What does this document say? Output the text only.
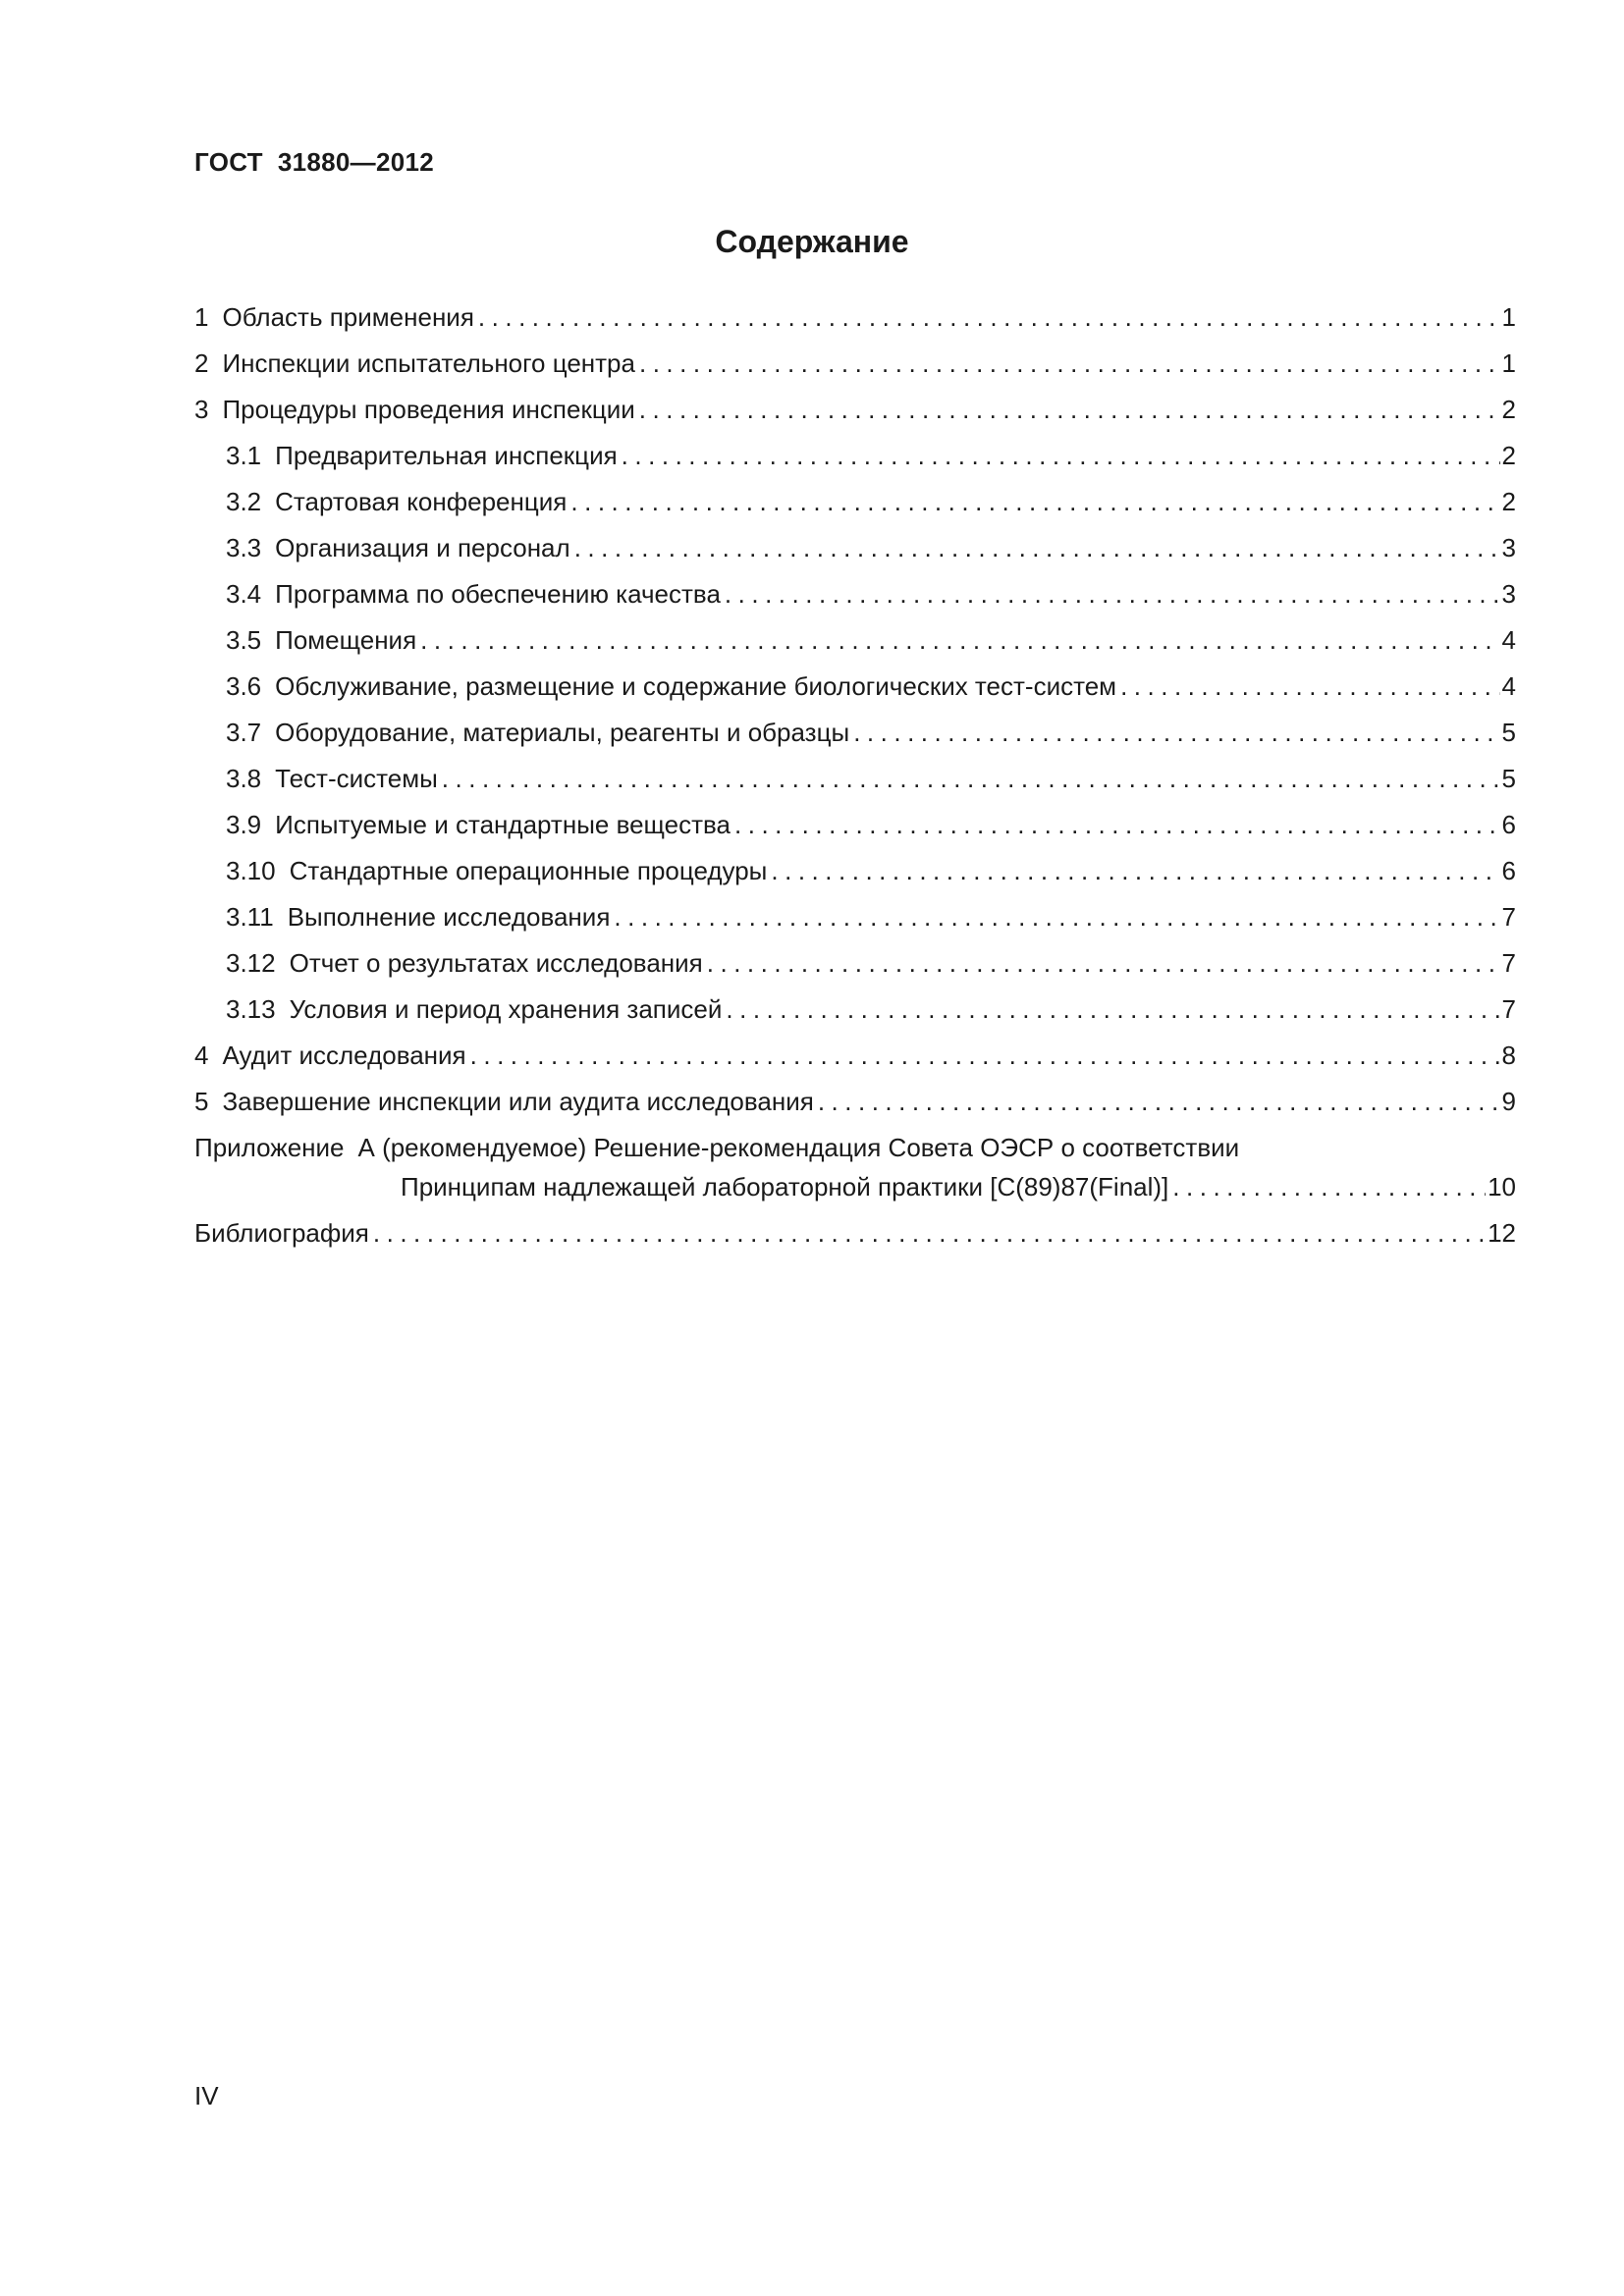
ГОСТ  31880—2012
Содержание
1 Область применения .....	1
2 Инспекции испытательного центра .....	1
3 Процедуры проведения инспекции .....	2
3.1 Предварительная инспекция .....	2
3.2 Стартовая конференция .....	2
3.3 Организация и персонал .....	3
3.4 Программа по обеспечению качества .....	3
3.5 Помещения .....	4
3.6 Обслуживание, размещение и содержание биологических тест-систем .....	4
3.7 Оборудование, материалы, реагенты и образцы .....	5
3.8 Тест-системы .....	5
3.9 Испытуемые и стандартные вещества .....	6
3.10 Стандартные операционные процедуры .....	6
3.11 Выполнение исследования .....	7
3.12 Отчет о результатах исследования .....	7
3.13 Условия и период хранения записей .....	7
4 Аудит исследования .....	8
5 Завершение инспекции или аудита исследования .....	9
Приложение А (рекомендуемое) Решение-рекомендация Совета ОЭСР о соответствии
Принципам надлежащей лабораторной практики [C(89)87(Final)] .....	10
Библиография .....	12
IV
